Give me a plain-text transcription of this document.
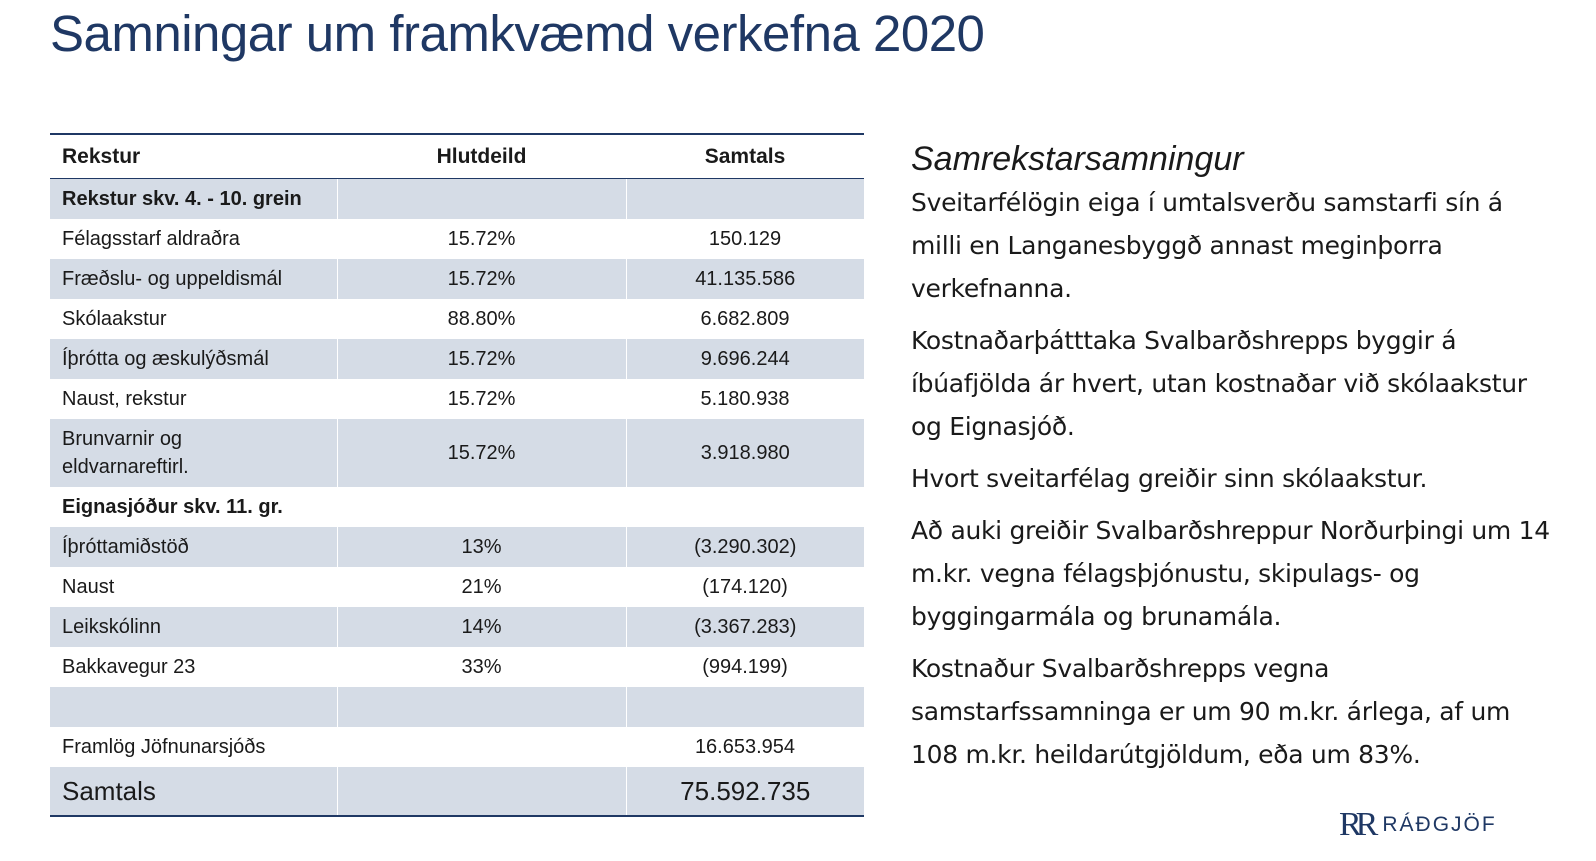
Samningar um framkvæmd verkefna 2020
Rekstur	Hlutdeild	Samtals
Rekstur skv. 4. - 10. grein		
Félagsstarf aldraðra	15.72%	150.129
Fræðslu- og uppeldismál	15.72%	41.135.586
Skólaakstur	88.80%	6.682.809
Íþrótta og æskulýðsmál	15.72%	9.696.244
Naust, rekstur	15.72%	5.180.938
Brunvarnir og eldvarnareftirl.	15.72%	3.918.980
Eignasjóður skv. 11. gr.		
Íþróttamiðstöð	13%	(3.290.302)
Naust	21%	(174.120)
Leikskólinn	14%	(3.367.283)
Bakkavegur 23	33%	(994.199)

Framlög Jöfnunarsjóðs		16.653.954
Samtals		75.592.735
Samrekstarsamningur

Sveitarfélögin eiga í umtalsverðu samstarfi sín á milli en Langanesbyggð annast meginþorra verkefnanna.

Kostnaðarþátttaka Svalbarðshrepps byggir á íbúafjölda ár hvert, utan kostnaðar við skólaakstur og Eignasjóð.

Hvort sveitarfélag greiðir sinn skólaakstur.

Að auki greiðir Svalbarðshreppur Norðurþingi um 14 m.kr. vegna félagsþjónustu, skipulags- og byggingarmála og brunamála.

Kostnaður Svalbarðshrepps vegna samstarfssamninga er um 90 m.kr. árlega, af um 108 m.kr. heildarútgjöldum, eða um 83%.

RR RÁÐGJÖF
